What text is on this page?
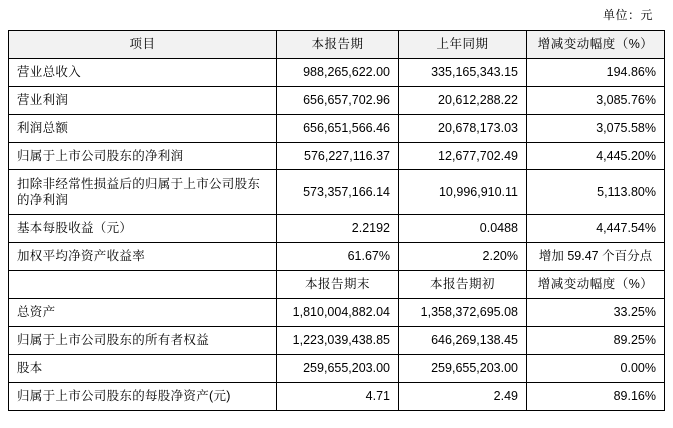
单位：元
项目	本报告期	上年同期	增减变动幅度（%）
营业总收入	988,265,622.00	335,165,343.15	194.86%
营业利润	656,657,702.96	20,612,288.22	3,085.76%
利润总额	656,651,566.46	20,678,173.03	3,075.58%
归属于上市公司股东的净利润	576,227,116.37	12,677,702.49	4,445.20%
扣除非经常性损益后的归属于上市公司股东的净利润	573,357,166.14	10,996,910.11	5,113.80%
基本每股收益（元）	2.2192	0.0488	4,447.54%
加权平均净资产收益率	61.67%	2.20%	增加 59.47 个百分点
	本报告期末	本报告期初	增减变动幅度（%）
总资产	1,810,004,882.04	1,358,372,695.08	33.25%
归属于上市公司股东的所有者权益	1,223,039,438.85	646,269,138.45	89.25%
股本	259,655,203.00	259,655,203.00	0.00%
归属于上市公司股东的每股净资产(元)	4.71	2.49	89.16%
